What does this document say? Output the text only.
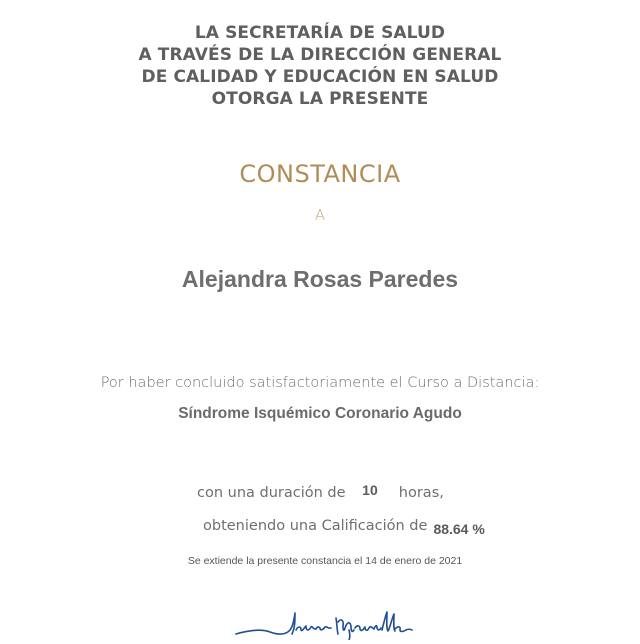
LA SECRETARÍA DE SALUD
A TRAVÉS DE LA DIRECCIÓN GENERAL
DE CALIDAD Y EDUCACIÓN EN SALUD
OTORGA LA PRESENTE
CONSTANCIA
A
Alejandra Rosas Paredes
Por haber concluido satisfactoriamente el Curso a Distancia:
Síndrome Isquémico Coronario Agudo
con una duración de 10 horas,
obteniendo una Calificación de 88.64 %
Se extiende la presente constancia el 14 de enero de 2021
